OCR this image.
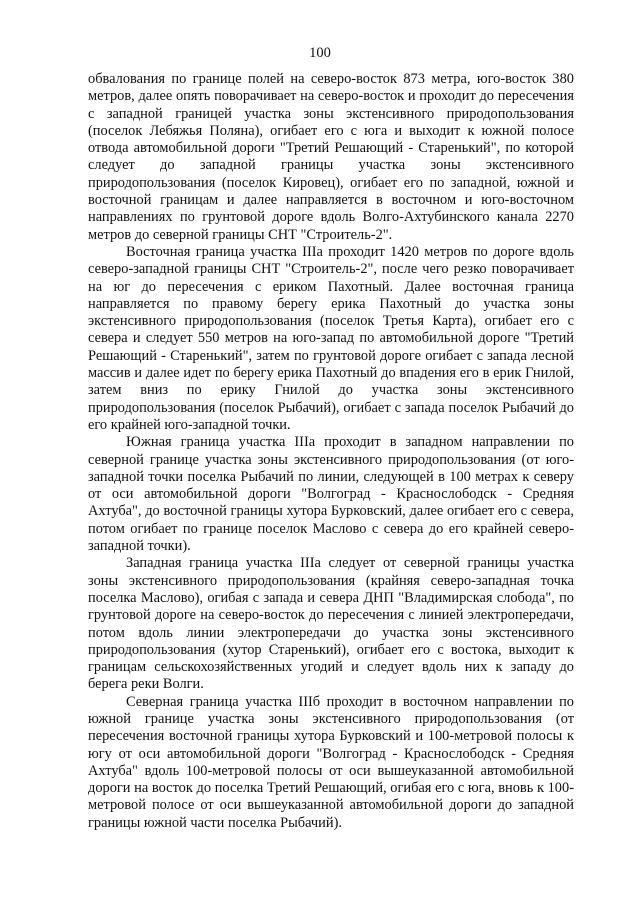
100

обвалования по границе полей на северо-восток 873 метра, юго-восток 380 метров, далее опять поворачивает на северо-восток и проходит до пересечения с западной границей участка зоны экстенсивного природопользования (поселок Лебяжья Поляна), огибает его с юга и выходит к южной полосе отвода автомобильной дороги "Третий Решающий - Старенький", по которой следует до западной границы участка зоны экстенсивного природопользования (поселок Кировец), огибает его по западной, южной и восточной границам и далее направляется в восточном и юго-восточном направлениях по грунтовой дороге вдоль Волго-Ахтубинского канала 2270 метров до северной границы СНТ "Строитель-2".

Восточная граница участка IIIа проходит 1420 метров по дороге вдоль северо-западной границы СНТ "Строитель-2", после чего резко поворачивает на юг до пересечения с ериком Пахотный. Далее восточная граница направляется по правому берегу ерика Пахотный до участка зоны экстенсивного природопользования (поселок Третья Карта), огибает его с севера и следует 550 метров на юго-запад по автомобильной дороге "Третий Решающий - Старенький", затем по грунтовой дороге огибает с запада лесной массив и далее идет по берегу ерика Пахотный до впадения его в ерик Гнилой, затем вниз по ерику Гнилой до участка зоны экстенсивного природопользования (поселок Рыбачий), огибает с запада поселок Рыбачий до его крайней юго-западной точки.

Южная граница участка IIIа проходит в западном направлении по северной границе участка зоны экстенсивного природопользования (от юго-западной точки поселка Рыбачий по линии, следующей в 100 метрах к северу от оси автомобильной дороги "Волгоград - Краснослободск - Средняя Ахтуба", до восточной границы хутора Бурковский, далее огибает его с севера, потом огибает по границе поселок Маслово с севера до его крайней северо-западной точки).

Западная граница участка IIIа следует от северной границы участка зоны экстенсивного природопользования (крайняя северо-западная точка поселка Маслово), огибая с запада и севера ДНП "Владимирская слобода", по грунтовой дороге на северо-восток до пересечения с линией электропередачи, потом вдоль линии электропередачи до участка зоны экстенсивного природопользования (хутор Старенький), огибает его с востока, выходит к границам сельскохозяйственных угодий и следует вдоль них к западу до берега реки Волги.

Северная граница участка IIIб проходит в восточном направлении по южной границе участка зоны экстенсивного природопользования (от пересечения восточной границы хутора Бурковский и 100-метровой полосы к югу от оси автомобильной дороги "Волгоград - Краснослободск - Средняя Ахтуба" вдоль 100-метровой полосы от оси вышеуказанной автомобильной дороги на восток до поселка Третий Решающий, огибая его с юга, вновь к 100-метровой полосе от оси вышеуказанной автомобильной дороги до западной границы южной части поселка Рыбачий).
